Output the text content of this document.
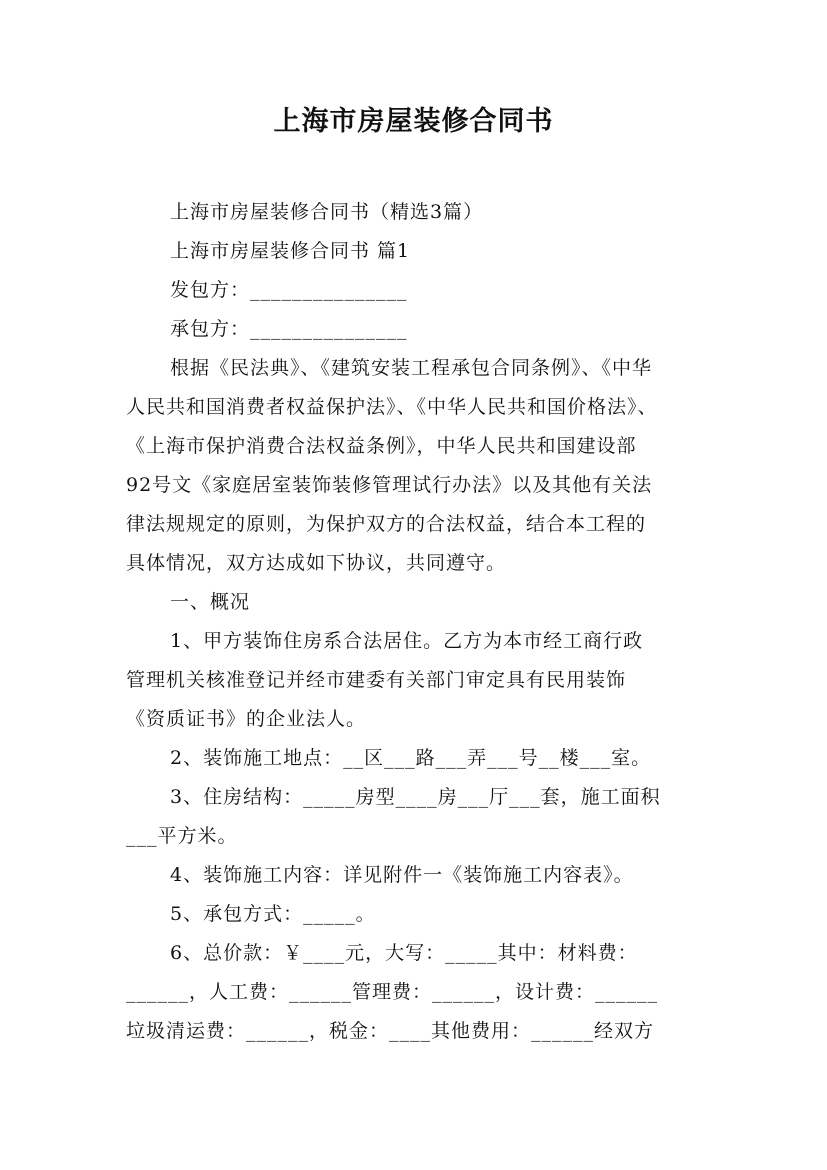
上海市房屋装修合同书
上海市房屋装修合同书（精选3篇）
上海市房屋装修合同书 篇1
发包方：_______________
承包方：_______________
根据《民法典》、《建筑安装工程承包合同条例》、《中华
人民共和国消费者权益保护法》、《中华人民共和国价格法》、
《上海市保护消费合法权益条例》，中华人民共和国建设部
92号文《家庭居室装饰装修管理试行办法》以及其他有关法
律法规规定的原则，为保护双方的合法权益，结合本工程的
具体情况，双方达成如下协议，共同遵守。
一、概况
1、甲方装饰住房系合法居住。乙方为本市经工商行政
管理机关核准登记并经市建委有关部门审定具有民用装饰
《资质证书》的企业法人。
2、装饰施工地点：__区___路___弄___号__楼___室。
3、住房结构：_____房型____房___厅___套，施工面积
___平方米。
4、装饰施工内容：详见附件一《装饰施工内容表》。
5、承包方式：_____。
6、总价款：￥____元，大写：_____其中：材料费：
______，人工费：______管理费：______，设计费：______
垃圾清运费：______，税金：____其他费用：______经双方
